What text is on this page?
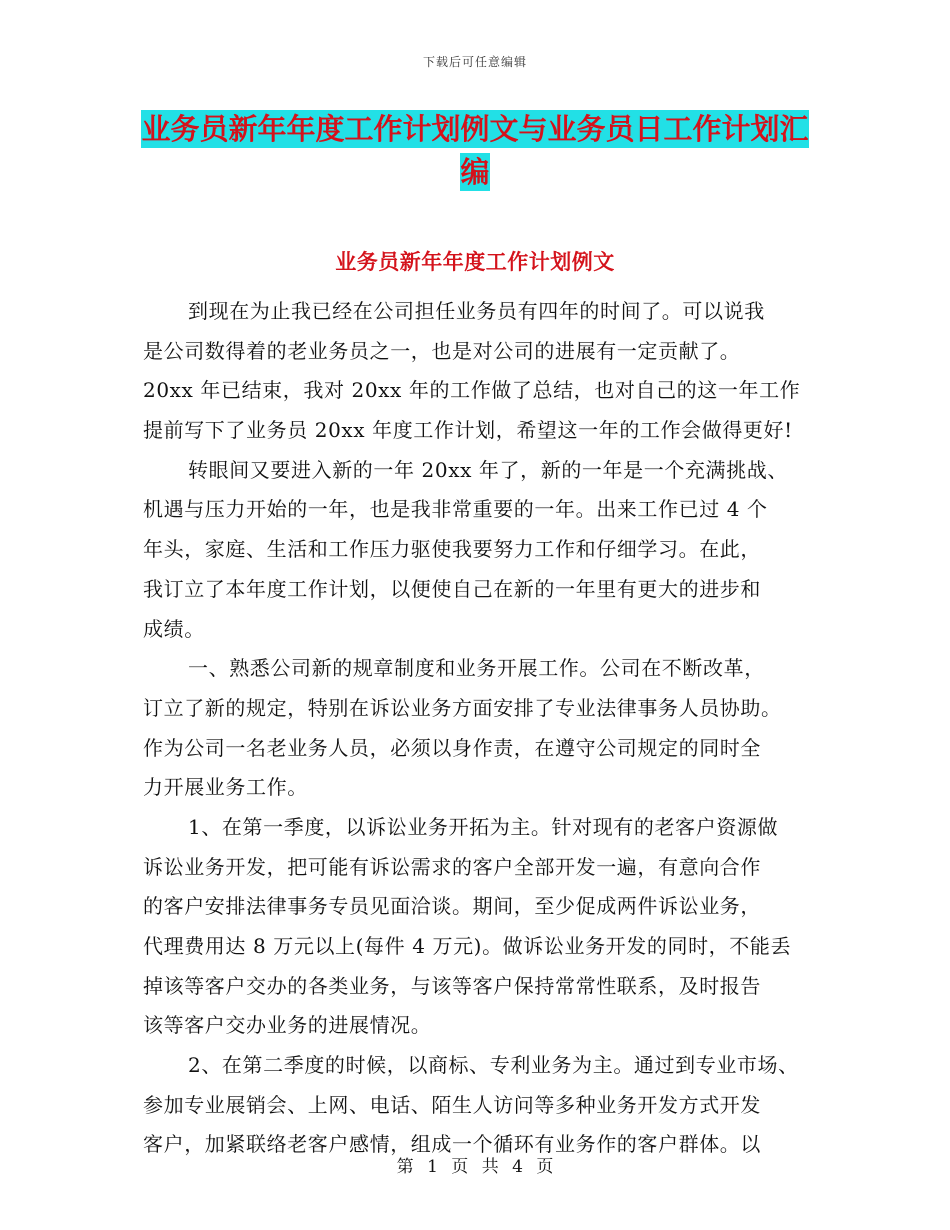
下载后可任意编辑
业务员新年年度工作计划例文与业务员日工作计划汇
编
业务员新年年度工作计划例文
到现在为止我已经在公司担任业务员有四年的时间了。可以说我
是公司数得着的老业务员之一，也是对公司的进展有一定贡献了。
20xx 年已结束，我对 20xx 年的工作做了总结，也对自己的这一年工作
提前写下了业务员 20xx 年度工作计划，希望这一年的工作会做得更好!
转眼间又要进入新的一年 20xx 年了，新的一年是一个充满挑战、
机遇与压力开始的一年，也是我非常重要的一年。出来工作已过 4 个
年头，家庭、生活和工作压力驱使我要努力工作和仔细学习。在此，
我订立了本年度工作计划，以便使自己在新的一年里有更大的进步和
成绩。
一、熟悉公司新的规章制度和业务开展工作。公司在不断改革，
订立了新的规定，特别在诉讼业务方面安排了专业法律事务人员协助。
作为公司一名老业务人员，必须以身作责，在遵守公司规定的同时全
力开展业务工作。
1、在第一季度，以诉讼业务开拓为主。针对现有的老客户资源做
诉讼业务开发，把可能有诉讼需求的客户全部开发一遍，有意向合作
的客户安排法律事务专员见面洽谈。期间，至少促成两件诉讼业务，
代理费用达 8 万元以上(每件 4 万元)。做诉讼业务开发的同时，不能丢
掉该等客户交办的各类业务，与该等客户保持常常性联系，及时报告
该等客户交办业务的进展情况。
2、在第二季度的时候，以商标、专利业务为主。通过到专业市场、
参加专业展销会、上网、电话、陌生人访问等多种业务开发方式开发
客户，加紧联络老客户感情，组成一个循环有业务作的客户群体。以
第 1 页 共 4 页
